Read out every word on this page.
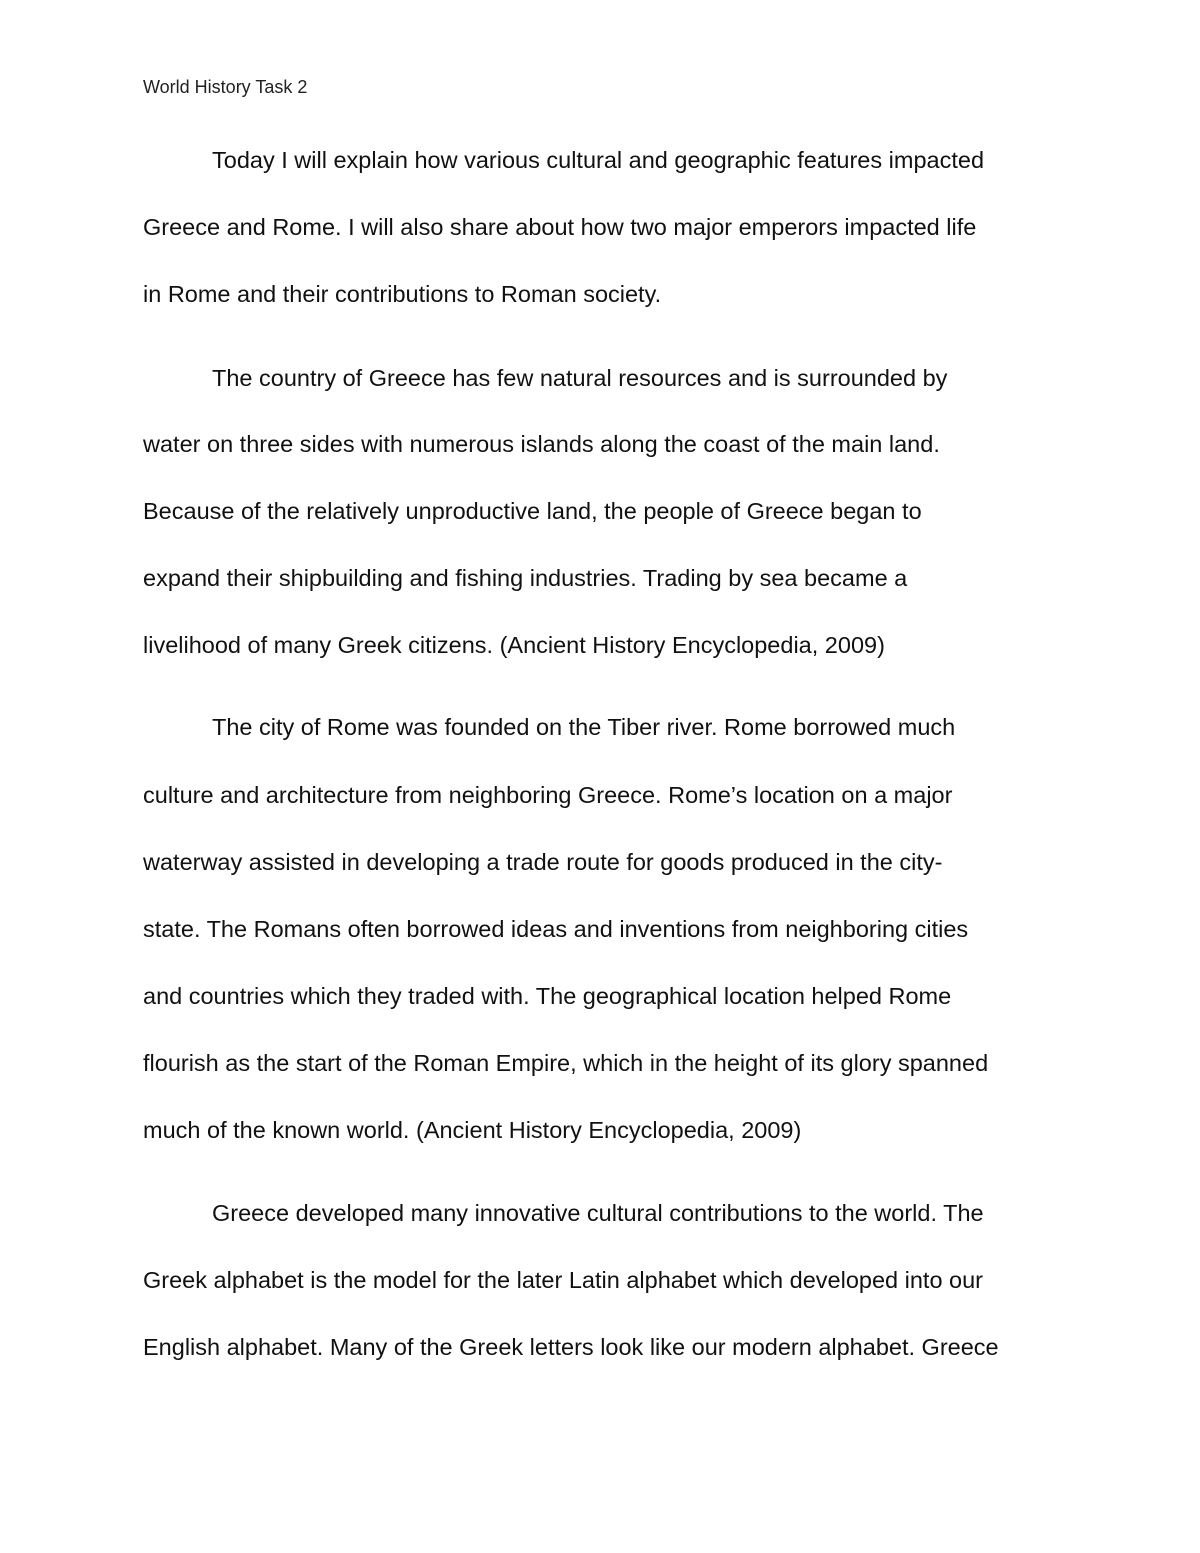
World History Task 2
Today I will explain how various cultural and geographic features impacted
Greece and Rome. I will also share about how two major emperors impacted life
in Rome and their contributions to Roman society.
The country of Greece has few natural resources and is surrounded by
water on three sides with numerous islands along the coast of the main land.
Because of the relatively unproductive land, the people of Greece began to
expand their shipbuilding and fishing industries. Trading by sea became a
livelihood of many Greek citizens. (Ancient History Encyclopedia, 2009)
The city of Rome was founded on the Tiber river. Rome borrowed much
culture and architecture from neighboring Greece. Rome’s location on a major
waterway assisted in developing a trade route for goods produced in the city-
state. The Romans often borrowed ideas and inventions from neighboring cities
and countries which they traded with. The geographical location helped Rome
flourish as the start of the Roman Empire, which in the height of its glory spanned
much of the known world. (Ancient History Encyclopedia, 2009)
Greece developed many innovative cultural contributions to the world. The
Greek alphabet is the model for the later Latin alphabet which developed into our
English alphabet. Many of the Greek letters look like our modern alphabet. Greece
